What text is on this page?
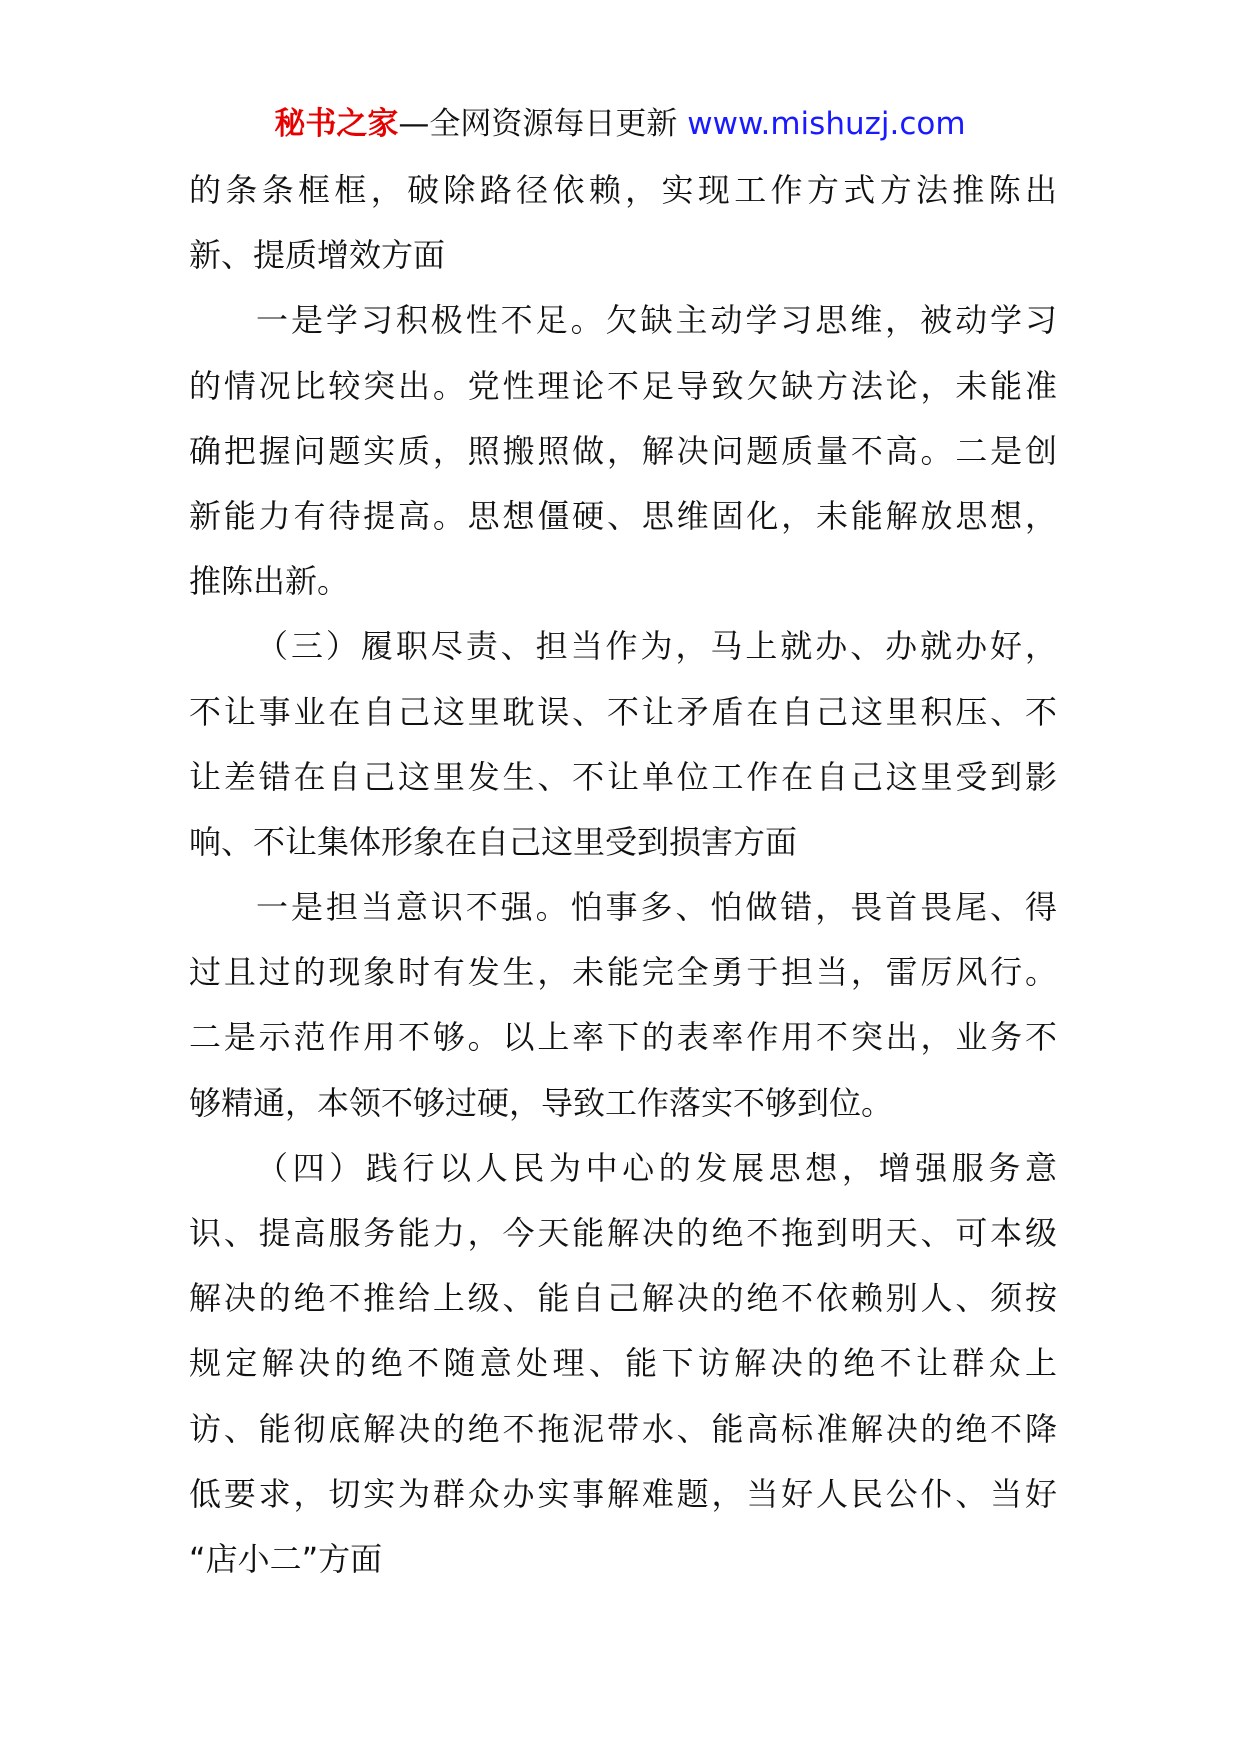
秘书之家—全网资源每日更新 www.mishuzj.com
的条条框框，破除路径依赖，实现工作方式方法推陈出
新、提质增效方面
一是学习积极性不足。欠缺主动学习思维，被动学习
的情况比较突出。党性理论不足导致欠缺方法论，未能准
确把握问题实质，照搬照做，解决问题质量不高。二是创
新能力有待提高。思想僵硬、思维固化，未能解放思想，
推陈出新。
（三）履职尽责、担当作为，马上就办、办就办好，
不让事业在自己这里耽误、不让矛盾在自己这里积压、不
让差错在自己这里发生、不让单位工作在自己这里受到影
响、不让集体形象在自己这里受到损害方面
一是担当意识不强。怕事多、怕做错，畏首畏尾、得
过且过的现象时有发生，未能完全勇于担当，雷厉风行。
二是示范作用不够。以上率下的表率作用不突出，业务不
够精通，本领不够过硬，导致工作落实不够到位。
（四）践行以人民为中心的发展思想，增强服务意
识、提高服务能力，今天能解决的绝不拖到明天、可本级
解决的绝不推给上级、能自己解决的绝不依赖别人、须按
规定解决的绝不随意处理、能下访解决的绝不让群众上
访、能彻底解决的绝不拖泥带水、能高标准解决的绝不降
低要求，切实为群众办实事解难题，当好人民公仆、当好
“店小二”方面
